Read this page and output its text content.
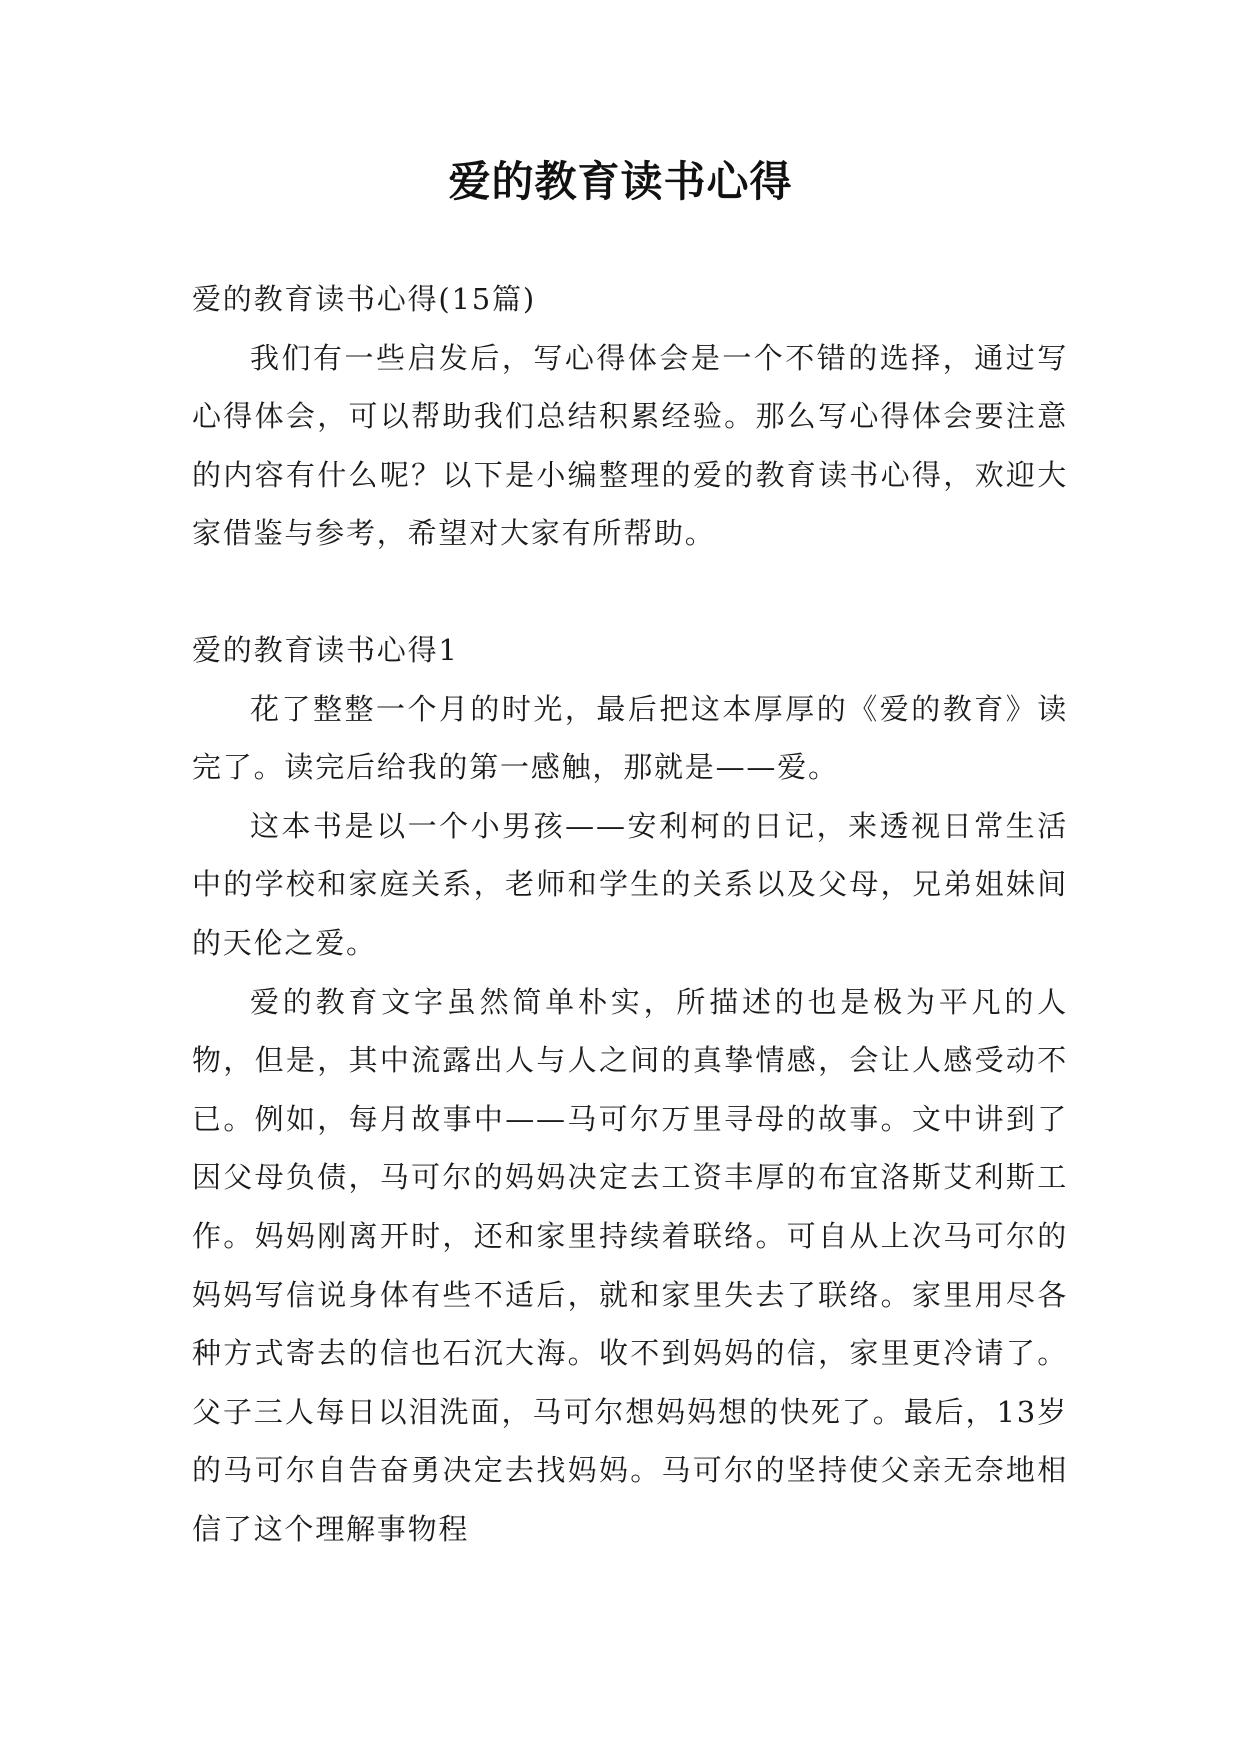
爱的教育读书心得

爱的教育读书心得(15篇)

我们有一些启发后，写心得体会是一个不错的选择，通过写心得体会，可以帮助我们总结积累经验。那么写心得体会要注意的内容有什么呢？以下是小编整理的爱的教育读书心得，欢迎大家借鉴与参考，希望对大家有所帮助。

爱的教育读书心得1

花了整整一个月的时光，最后把这本厚厚的《爱的教育》读完了。读完后给我的第一感触，那就是——爱。

这本书是以一个小男孩——安利柯的日记，来透视日常生活中的学校和家庭关系，老师和学生的关系以及父母，兄弟姐妹间的天伦之爱。

爱的教育文字虽然简单朴实，所描述的也是极为平凡的人物，但是，其中流露出人与人之间的真挚情感，会让人感受动不已。例如，每月故事中——马可尔万里寻母的故事。文中讲到了因父母负债，马可尔的妈妈决定去工资丰厚的布宜洛斯艾利斯工作。妈妈刚离开时，还和家里持续着联络。可自从上次马可尔的妈妈写信说身体有些不适后，就和家里失去了联络。家里用尽各种方式寄去的信也石沉大海。收不到妈妈的信，家里更冷请了。父子三人每日以泪洗面，马可尔想妈妈想的快死了。最后，13岁的马可尔自告奋勇决定去找妈妈。马可尔的坚持使父亲无奈地相信了这个理解事物程
